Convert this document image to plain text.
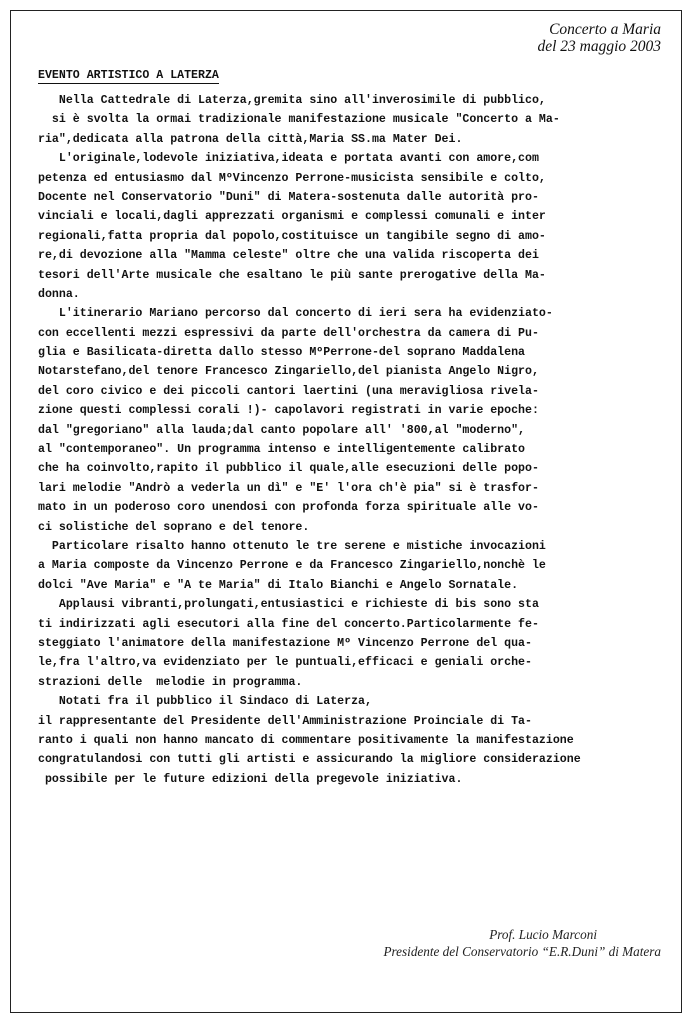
Concerto a Maria
del 23 maggio 2003
EVENTO ARTISTICO A LATERZA
Nella Cattedrale di Laterza,gremita sino all'inverosimile di pubblico,
si è svolta la ormai tradizionale manifestazione musicale "Concerto a Ma-
ria",dedicata alla patrona della città,Maria SS.ma Mater Dei.
L'originale,lodevole iniziativa,ideata e portata avanti con amore,com
petenza ed entusiasmo dal MºVincenzo Perrone-musicista sensibile e colto,
Docente nel Conservatorio "Duni" di Matera-sostenuta dalle autorità pro-
vinciali e locali,dagli apprezzati organismi e complessi comunali e inter
regionali,fatta propria dal popolo,costituisce un tangibile segno di amo-
re,di devozione alla "Mamma celeste" oltre che una valida riscoperta dei
tesori dell'Arte musicale che esaltano le più sante prerogative della Ma-
donna.
L'itinerario Mariano percorso dal concerto di ieri sera ha evidenziato-
con eccellenti mezzi espressivi da parte dell'orchestra da camera di Pu-
glia e Basilicata-diretta dallo stesso MºPerrone-del soprano Maddalena
Notarstefano,del tenore Francesco Zingariello,del pianista Angelo Nigro,
del coro civico e dei piccoli cantori laertini (una meravigliosa rivela-
zione questi complessi corali !)- capolavori registrati in varie epoche:
dal "gregoriano" alla lauda;dal canto popolare all' '800,al "moderno",
al "contemporaneo". Un programma intenso e intelligentemente calibrato
che ha coinvolto,rapito il pubblico il quale,alle esecuzioni delle popo-
lari melodie "Andrò a vederla un dì" e "E' l'ora ch'è pia" si è trasfor-
mato in un poderoso coro unendosi con profonda forza spirituale alle vo-
ci solistiche del soprano e del tenore.
Particolare risalto hanno ottenuto le tre serene e mistiche invocazioni
a Maria composte da Vincenzo Perrone e da Francesco Zingariello,nonchè le
dolci "Ave Maria" e "A te Maria" di Italo Bianchi e Angelo Sornatale.
Applausi vibranti,prolungati,entusiastici e richieste di bis sono sta
ti indirizzati agli esecutori alla fine del concerto.Particolarmente fe-
steggiato l'animatore della manifestazione Mº Vincenzo Perrone del qua-
le,fra l'altro,va evidenziato per le puntuali,efficaci e geniali orche-
strazioni delle  melodie in programma.
Notati fra il pubblico il Sindaco di Laterza,
il rappresentante del Presidente dell'Amministrazione Proinciale di Ta-
ranto i quali non hanno mancato di commentare positivamente la manifestazione
congratulandosi con tutti gli artisti e assicurando la migliore considerazione
possibile per le future edizioni della pregevole iniziativa.
Prof. Lucio Marconi
Presidente del Conservatorio “E.R.Duni” di Matera
